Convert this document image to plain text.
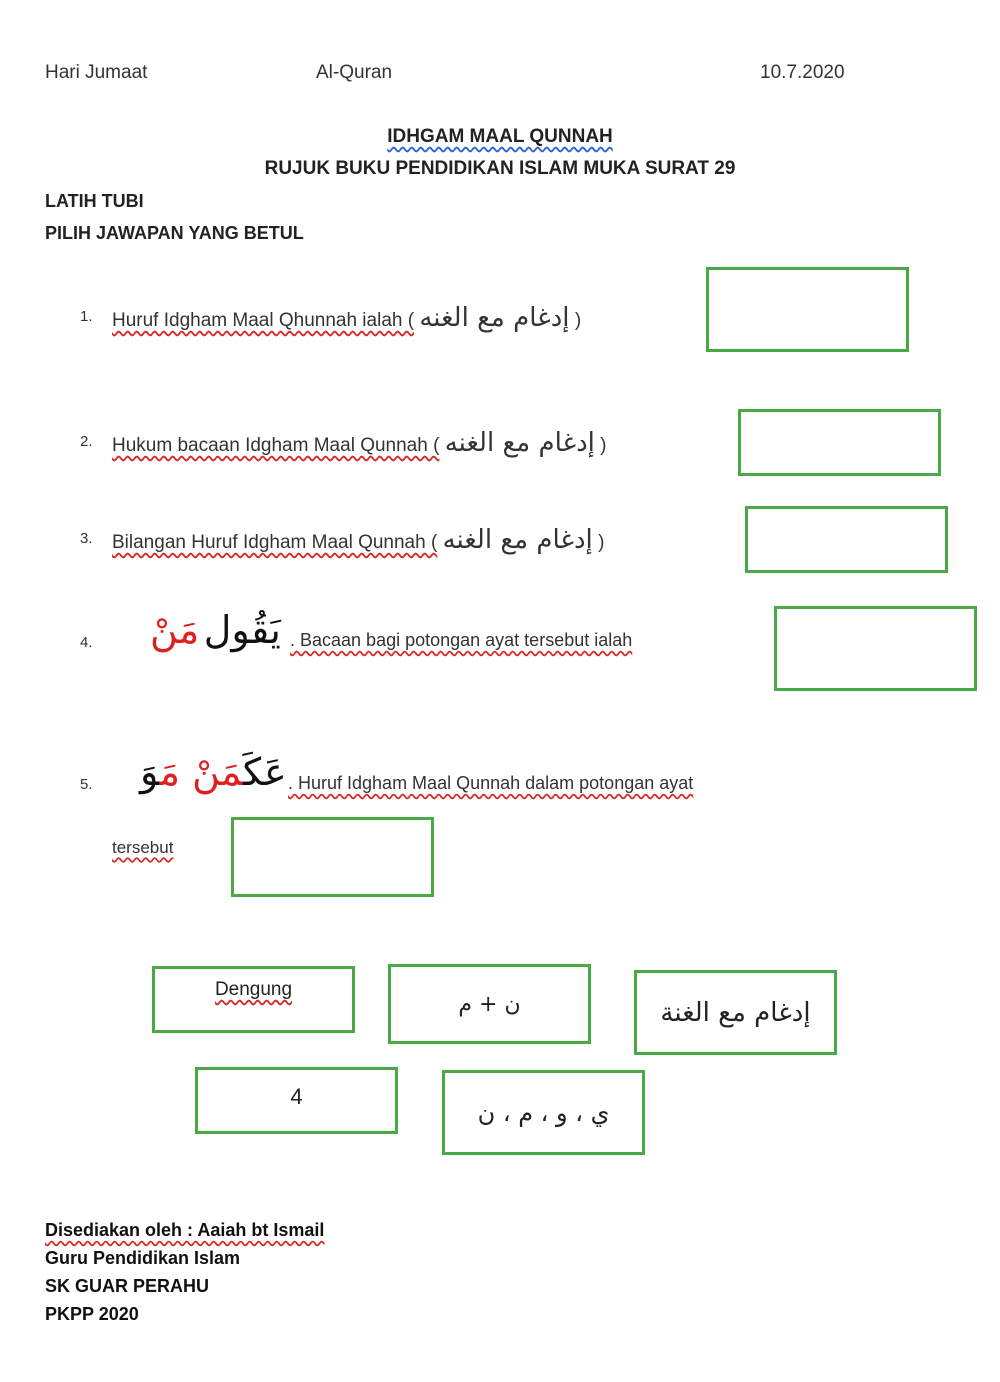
Hari Jumaat	Al-Quran	10.7.2020
IDHGAM MAAL QUNNAH
RUJUK BUKU PENDIDIKAN ISLAM MUKA SURAT 29
LATIH TUBI
PILIH JAWAPAN YANG BETUL
1. Huruf Idgham Maal Qhunnah ialah ( إدغام مع الغنه )
2. Hukum bacaan Idgham Maal Qunnah ( إدغام مع الغنه )
3. Bilangan Huruf Idgham Maal Qunnah ( إدغام مع الغنه )
4.	يَقُول مَنْ	. Bacaan bagi potongan ayat tersebut ialah
5.	عَكَمَنْ مَوَ	. Huruf Idgham Maal Qunnah dalam potongan ayat
tersebut
Dengung
ن + م	إدغام مع الغنة
4
ي ، و ، م ، ن
Disediakan oleh : Aaiah bt Ismail
Guru Pendidikan Islam
SK GUAR PERAHU
PKPP 2020
